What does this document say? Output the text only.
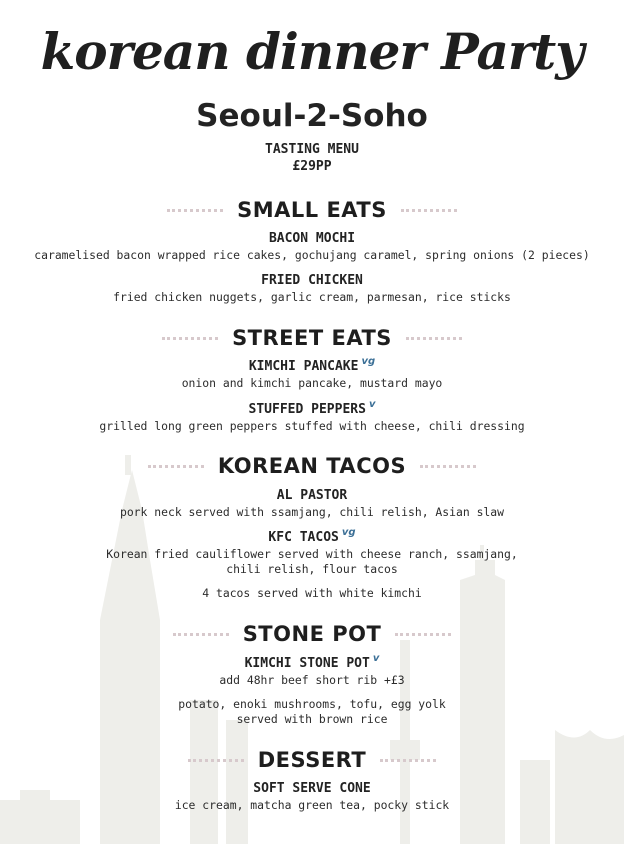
korean dinner Party
Seoul-2-Soho
TASTING MENU
£29PP
SMALL EATS
BACON MOCHI
caramelised bacon wrapped rice cakes, gochujang caramel, spring onions (2 pieces)
FRIED CHICKEN
fried chicken nuggets, garlic cream, parmesan, rice sticks
STREET EATS
KIMCHI PANCAKE $^{vg}$
onion and kimchi pancake, mustard mayo
STUFFED PEPPERS $^v$
grilled long green peppers stuffed with cheese, chili dressing
KOREAN TACOS
AL PASTOR
pork neck served with ssamjang, chili relish, Asian slaw
KFC TACOS $^{vg}$
Korean fried cauliflower served with cheese ranch, ssamjang,
chili relish, flour tacos
4 tacos served with white kimchi
STONE POT
KIMCHI STONE POT $^v$
add 48hr beef short rib +£3
potato, enoki mushrooms, tofu, egg yolk
served with brown rice
DESSERT
SOFT SERVE CONE
ice cream, matcha green tea, pocky stick
